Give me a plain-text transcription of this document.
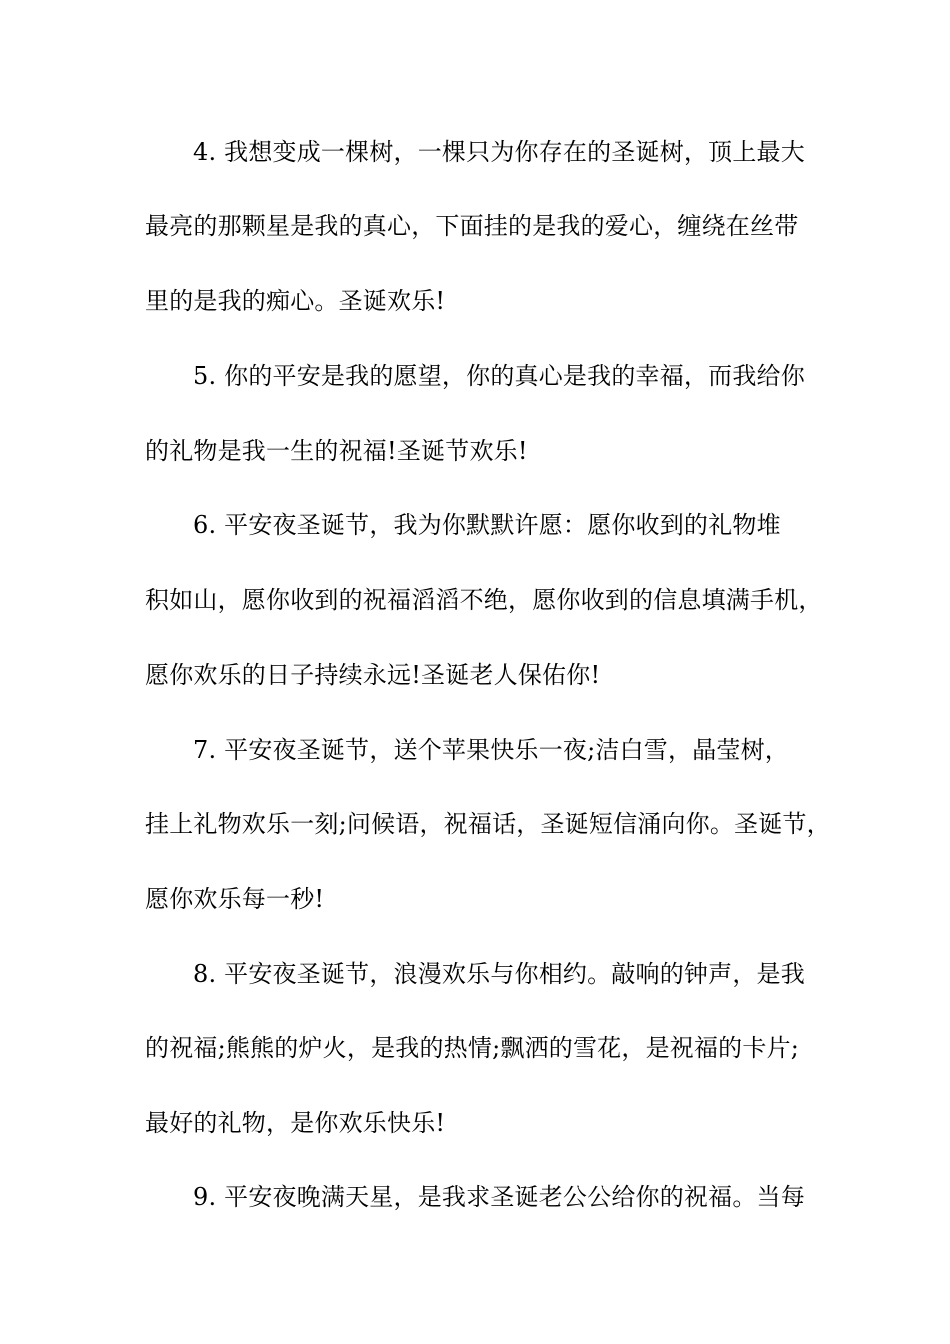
4. 我想变成一棵树，一棵只为你存在的圣诞树，顶上最大
最亮的那颗星是我的真心，下面挂的是我的爱心，缠绕在丝带
里的是我的痴心。圣诞欢乐!
5. 你的平安是我的愿望，你的真心是我的幸福，而我给你
的礼物是我一生的祝福!圣诞节欢乐!
6. 平安夜圣诞节，我为你默默许愿：愿你收到的礼物堆
积如山，愿你收到的祝福滔滔不绝，愿你收到的信息填满手机，
愿你欢乐的日子持续永远!圣诞老人保佑你!
7. 平安夜圣诞节，送个苹果快乐一夜;洁白雪，晶莹树，
挂上礼物欢乐一刻;问候语，祝福话，圣诞短信涌向你。圣诞节，
愿你欢乐每一秒!
8. 平安夜圣诞节，浪漫欢乐与你相约。敲响的钟声，是我
的祝福;熊熊的炉火，是我的热情;飘洒的雪花，是祝福的卡片;
最好的礼物，是你欢乐快乐!
9. 平安夜晚满天星，是我求圣诞老公公给你的祝福。当每
